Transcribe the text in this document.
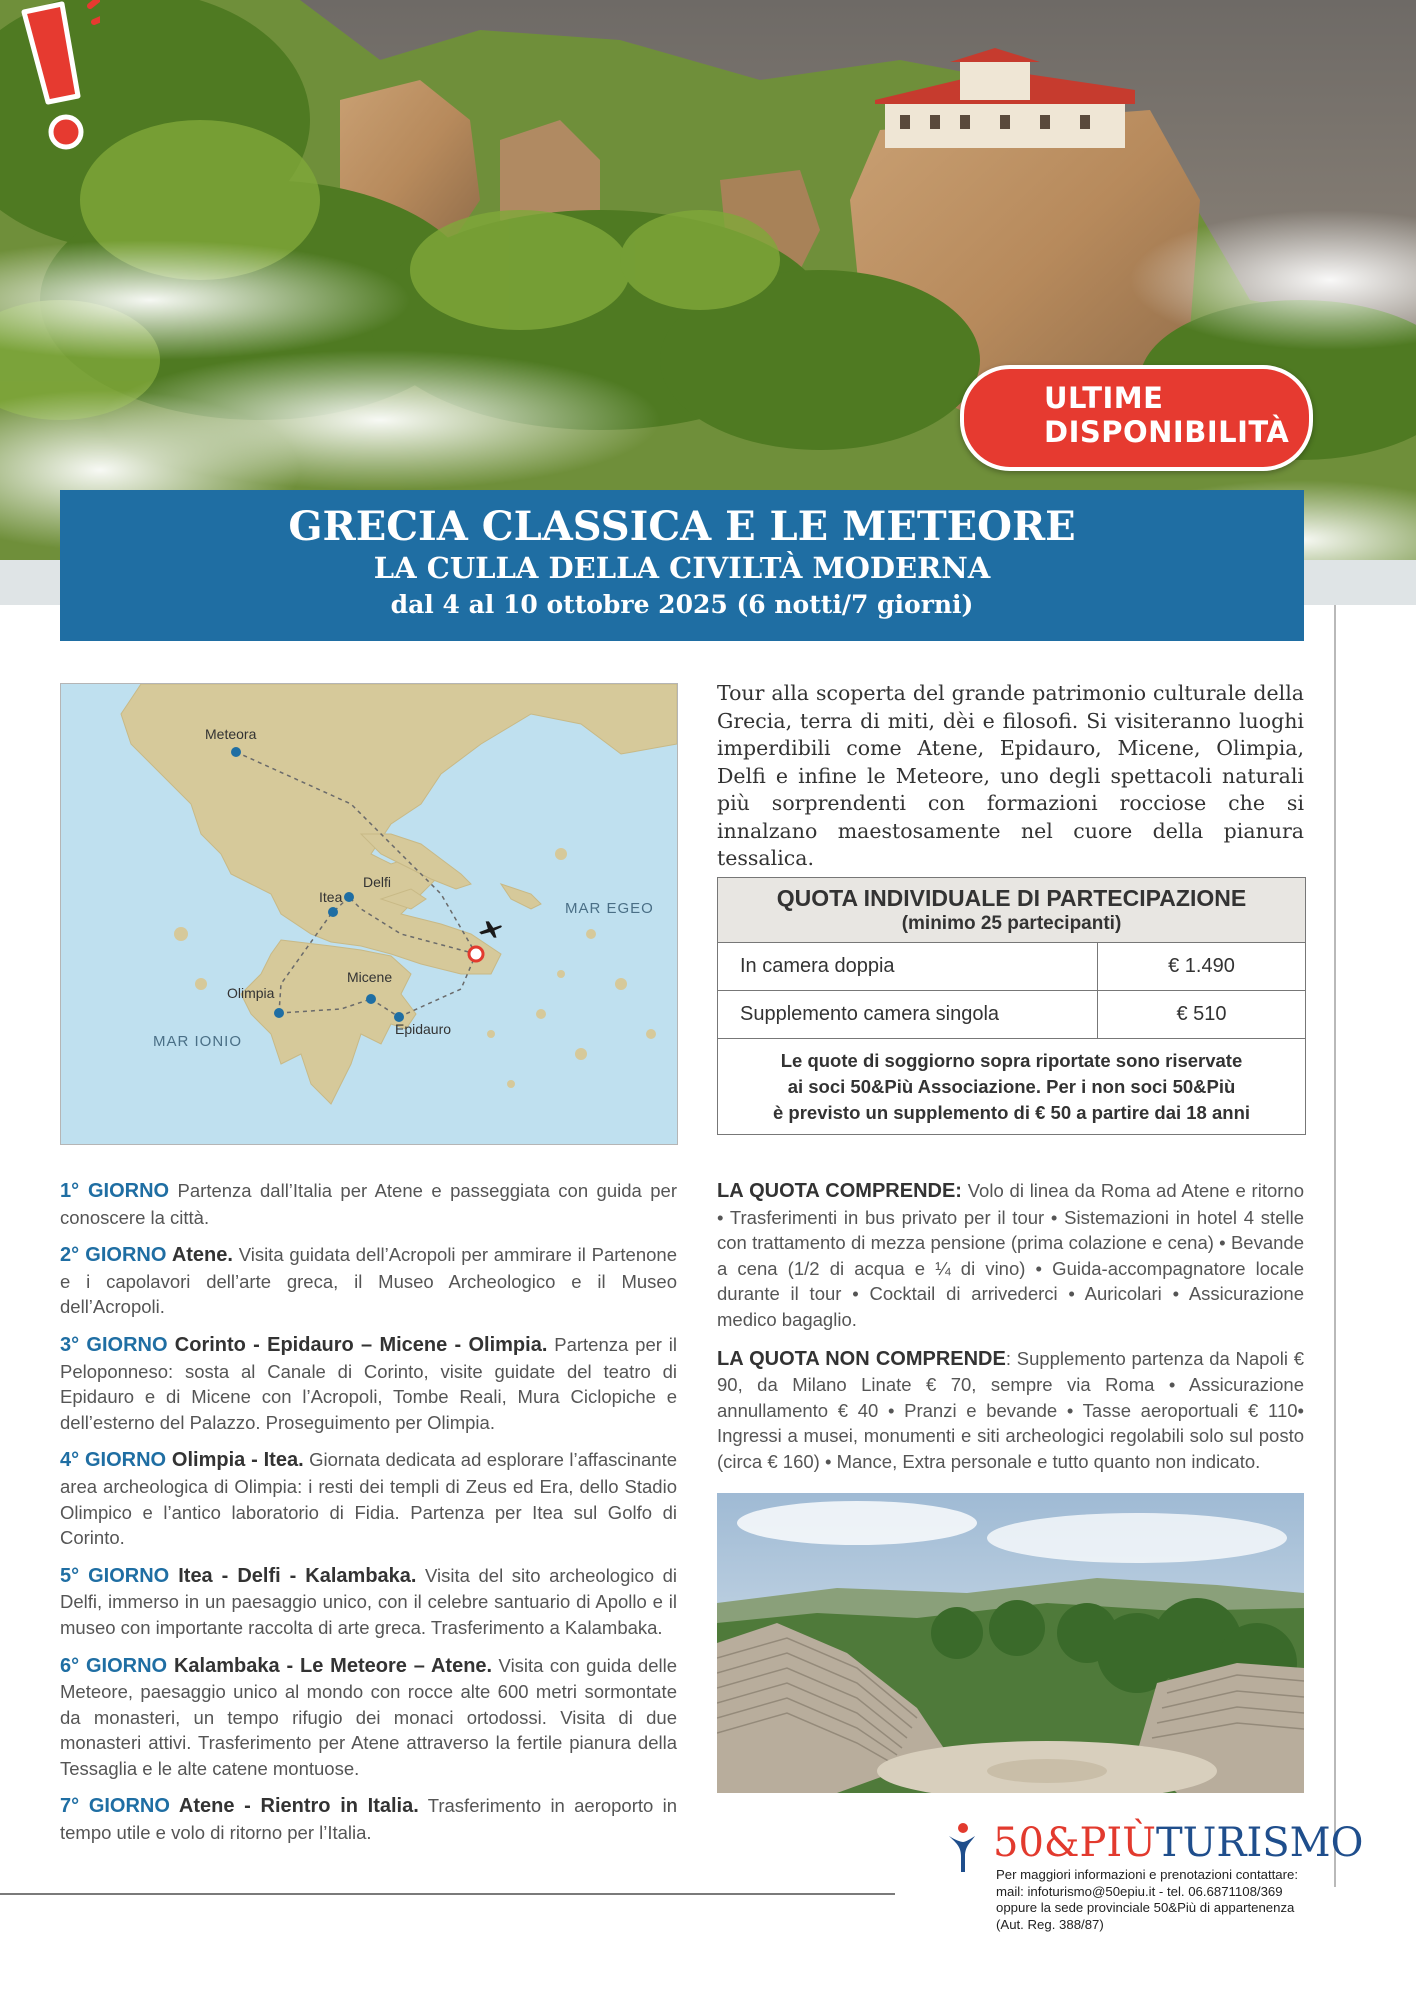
ULTIME
DISPONIBILITÀ
GRECIA CLASSICA E LE METEORE
LA CULLA DELLA CIVILTÀ MODERNA
dal 4 al 10 ottobre 2025 (6 notti/7 giorni)
Meteora
Delfi
Itea
Micene
Olimpia
Epidauro
MAR EGEO
MAR IONIO
Tour alla scoperta del grande patrimonio culturale della Grecia, terra di miti, dèi e filosofi. Si visiteranno luoghi imperdibili come Atene, Epidauro, Micene, Olimpia, Delfi e infine le Meteore, uno degli spettacoli naturali più sorprendenti con formazioni rocciose che si innalzano maestosamente nel cuore della pianura tessalica.
QUOTA INDIVIDUALE DI PARTECIPAZIONE
(minimo 25 partecipanti)
In camera doppia	€ 1.490
Supplemento camera singola	€ 510
Le quote di soggiorno sopra riportate sono riservate
ai soci 50&Più Associazione. Per i non soci 50&Più
è previsto un supplemento di € 50 a partire dai 18 anni
1° GIORNO Partenza dall’Italia per Atene e passeggiata con guida per conoscere la città.
2° GIORNO Atene. Visita guidata dell’Acropoli per ammirare il Partenone e i capolavori dell’arte greca, il Museo Archeologico e il Museo dell’Acropoli.
3° GIORNO Corinto - Epidauro – Micene - Olimpia. Partenza per il Peloponneso: sosta al Canale di Corinto, visite guidate del teatro di Epidauro e di Micene con l’Acropoli, Tombe Reali, Mura Ciclopiche e dell’esterno del Palazzo. Proseguimento per Olimpia.
4° GIORNO Olimpia - Itea. Giornata dedicata ad esplorare l’affascinante area archeologica di Olimpia: i resti dei templi di Zeus ed Era, dello Stadio Olimpico e l’antico laboratorio di Fidia. Partenza per Itea sul Golfo di Corinto.
5° GIORNO Itea - Delfi - Kalambaka. Visita del sito archeologico di Delfi, immerso in un paesaggio unico, con il celebre santuario di Apollo e il museo con importante raccolta di arte greca. Trasferimento a Kalambaka.
6° GIORNO Kalambaka - Le Meteore – Atene. Visita con guida delle Meteore, paesaggio unico al mondo con rocce alte 600 metri sormontate da monasteri, un tempo rifugio dei monaci ortodossi. Visita di due monasteri attivi. Trasferimento per Atene attraverso la fertile pianura della Tessaglia e le alte catene montuose.
7° GIORNO Atene - Rientro in Italia. Trasferimento in aeroporto in tempo utile e volo di ritorno per l’Italia.

LA QUOTA COMPRENDE: Volo di linea da Roma ad Atene e ritorno • Trasferimenti in bus privato per il tour • Sistemazioni in hotel 4 stelle con trattamento di mezza pensione (prima colazione e cena) • Bevande a cena (1/2 di acqua e ¼ di vino) • Guida-accompagnatore locale durante il tour • Cocktail di arrivederci • Auricolari • Assicurazione medico bagaglio.

LA QUOTA NON COMPRENDE: Supplemento partenza da Napoli € 90, da Milano Linate € 70, sempre via Roma • Assicurazione annullamento € 40 • Pranzi e bevande • Tasse aeroportuali € 110• Ingressi a musei, monumenti e siti archeologici regolabili solo sul posto (circa € 160) • Mance, Extra personale e tutto quanto non indicato.

50&PIÙTURISMO
Per maggiori informazioni e prenotazioni contattare:
mail: infoturismo@50epiu.it - tel. 06.6871108/369
oppure la sede provinciale 50&Più di appartenenza
(Aut. Reg. 388/87)
